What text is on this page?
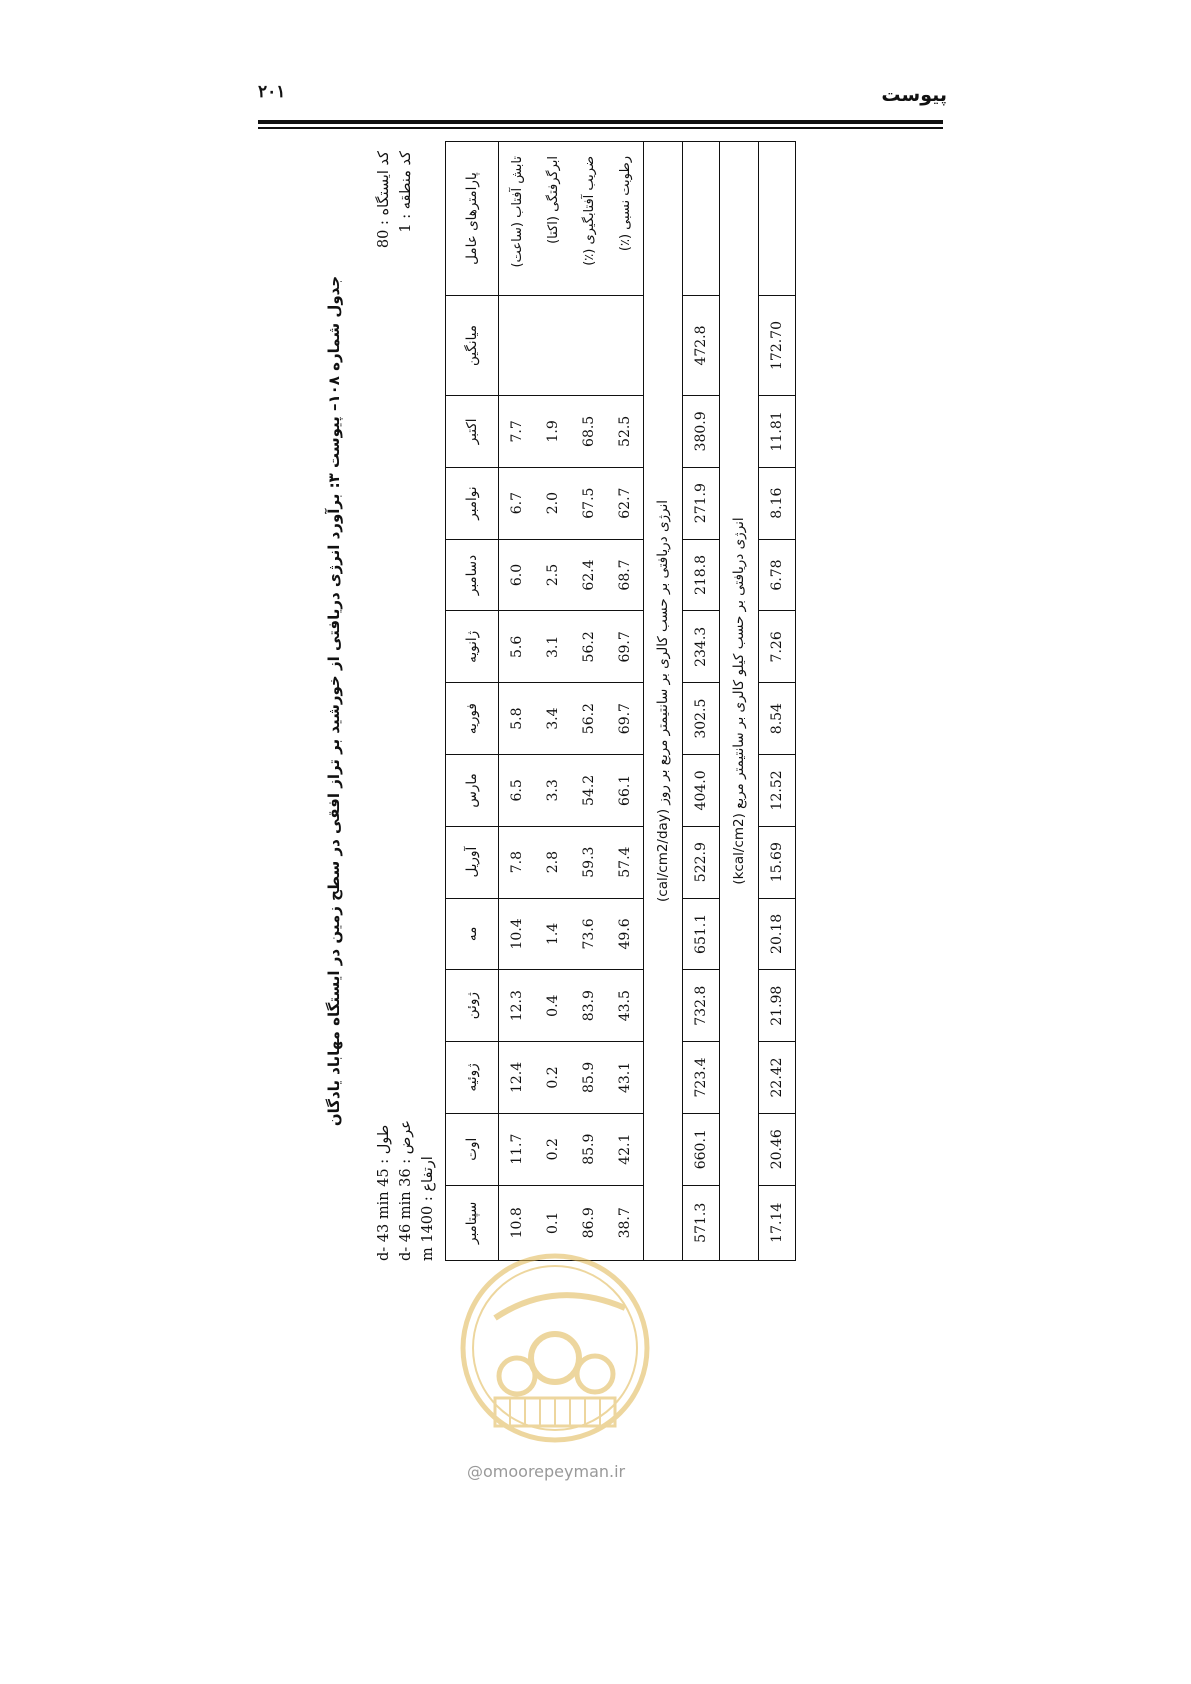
۲۰۱	پیوست
جدول شماره ۱۰۸– پیوست ۳: برآورد انرژی دریافتی از خورشید بر تراز افقی در سطح زمین در ایستگاه مهاباد یادگان
طول : 45 d- 43 min
عرض : 36 d- 46 min
ارتفاع : 1400 m
کد ایستگاه : 80 کد منطقه : 1	پارامترهای عامل	میانگین	اکتبر	نوامبر	دسامبر	ژانویه	فوریه	مارس	آوریل	مه	ژوئن	ژوئیه	اوت	سپتامبر
تابش آفتاب (ساعت)		7.7	6.7	6.0	5.6	5.8	6.5	7.8	10.4	12.3	12.4	11.7	10.8
ابرگرفتگی (اکتا)		1.9	2.0	2.5	3.1	3.4	3.3	2.8	1.4	0.4	0.2	0.2	0.1
ضریب آفتابگیری (٪)		68.5	67.5	62.4	56.2	56.2	54.2	59.3	73.6	83.9	85.9	85.9	86.9
رطوبت نسبی (٪)		52.5	62.7	68.7	69.7	69.7	66.1	57.4	49.6	43.5	43.1	42.1	38.7
انرژی دریافتی بر حسب کالری بر سانتیمتر مربع بر روز (cal/cm2/day)													
	472.8	380.9	271.9	218.8	234.3	302.5	404.0	522.9	651.1	732.8	723.4	660.1	571.3
انرژی دریافتی بر حسب کیلو کالری بر سانتیمتر مربع (kcal/cm2)													
	172.70	11.81	8.16	6.78	7.26	8.54	12.52	15.69	20.18	21.98	22.42	20.46	17.14
@omoorepeyman.ir
